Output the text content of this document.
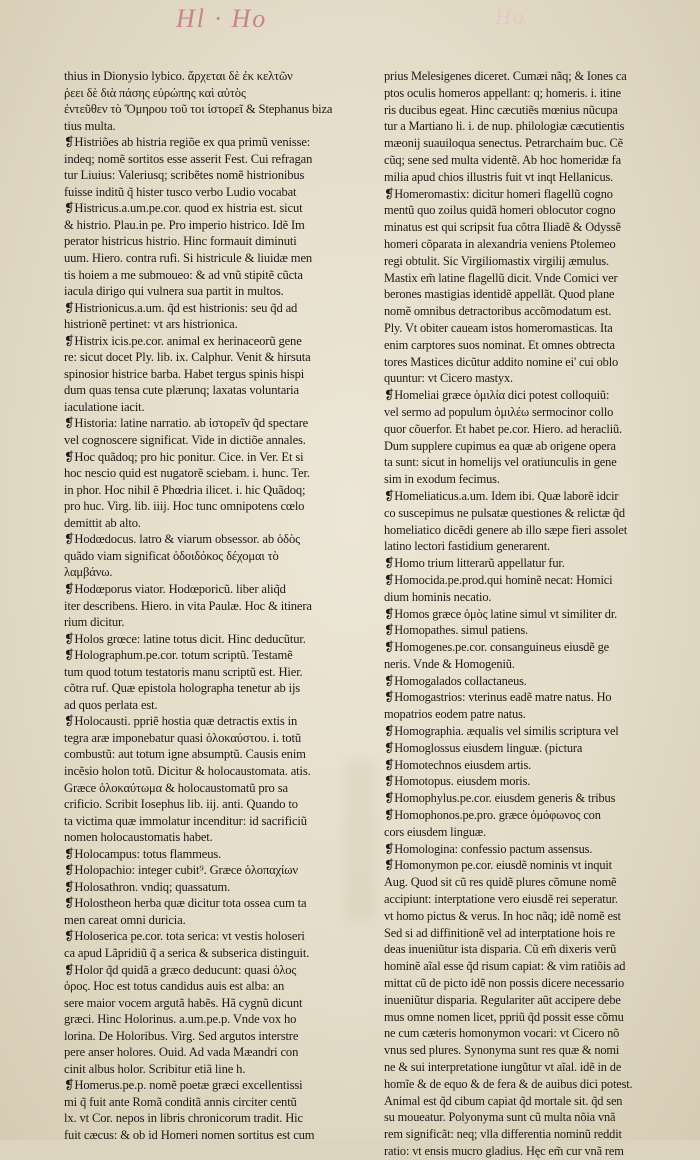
Hl · Ho	Ho
thius in Dionysio lybico. ἄρχεται δὲ ἐκ κελτῶν
ῥεει δὲ διὰ πάσης εὐρώπης καὶ αὐτὸς
ἐντεῦθεν τὸ Ὅμηρου τοῦ τοι ἱστορεῖ & Stephanus biza
tius multa.
❡Histriões ab histria regiõe ex qua primũ venisse:
indeq; nomẽ sortitos esse asserit Fest. Cui refragan
tur Liuius: Valeriusq; scribẽtes nomẽ histrionibus
fuisse inditũ q̃ hister tusco verbo Ludio vocabat
❡Histricus.a.um.pe.cor. quod ex histria est. sicut
& histrio. Plau.in pe. Pro imperio histrico. Idẽ Im
perator histricus histrio. Hinc formauit diminuti
uum. Hiero. contra rufi. Si histricule & liuidæ men
tis hoiem a me submoueo: & ad vnũ stipitẽ cũcta
iacula dirigo qui vulnera sua partit in multos.
❡Histrionicus.a.um. q̃d est histrionis: seu q̃d ad
histrionẽ pertinet: vt ars histrionica.
❡Histrix icis.pe.cor. animal ex herinaceorũ gene
re: sicut docet Ply. lib. ix. Calphur. Venit & hirsuta
spinosior histrice barba. Habet tergus spinis hispi
dum quas tensa cute plærunq; laxatas voluntaria
iaculatione iacit.
❡Historia: latine narratio. ab ἱστορεῖν q̃d spectare
vel cognoscere significat. Vide in dictiõe annales.
❡Hoc quãdoq; pro hic ponitur. Cice. in Ver. Et si
hoc nescio quid est nugatorẽ sciebam. i. hunc. Ter.
in phor. Hoc nihil ẽ Phœdria ilicet. i. hic Quãdoq;
pro huc. Virg. lib. iiij. Hoc tunc omnipotens cœlo
demittit ab alto.
❡Hodœdocus. latro & viarum obsessor. ab ὁδὸς
quãdo viam significat ὁδοιδόκος δέχομαι τὸ
λαμβάνω.
❡Hodœporus viator. Hodœporicũ. liber aliq̃d
iter describens. Hiero. in vita Paulæ. Hoc & itinera
rium dicitur.
❡Holos grœce: latine totus dicit. Hinc deducũtur.
❡Holographum.pe.cor. totum scriptũ. Testamẽ
tum quod totum testatoris manu scriptũ est. Hier.
cõtra ruf. Quæ epistola holographa tenetur ab ijs
ad quos perlata est.
❡Holocausti. ppriẽ hostia quæ detractis extis in
tegra aræ imponebatur quasi ὁλοκαύστου. i. totũ
combustũ: aut totum igne absumptũ. Causis enim
incẽsio holon totũ. Dicitur & holocaustomata. atis.
Græce ὁλοκαύτωμα & holocaustomatũ pro sa
crificio. Scribit Iosephus lib. iij. anti. Quando to
ta victima quæ immolatur incenditur: id sacrificiũ
nomen holocaustomatis habet.
❡Holocampus: totus flammeus.
❡Holopachio: integer cubit⁹. Græce ὁλοπαχίων
❡Holosathron. vndiq; quassatum.
❡Holostheon herba quæ dicitur tota ossea cum ta
men careat omni duricia.
❡Holoserica pe.cor. tota serica: vt vestis holoseri
ca apud Lãpridiũ q̃ a serica & subserica distinguit.
❡Holor q̃d quidã a græco deducunt: quasi ὁλος
ὀρος. Hoc est totus candidus auis est alba: an
sere maior vocem argutã habẽs. Hã cygnũ dicunt
græci. Hinc Holorinus. a.um.pe.p. Vnde vox ho
lorina. De Holoribus. Virg. Sed argutos interstre
pere anser holores. Ouid. Ad vada Mæandri con
cinit albus holor. Scribitur etiã line h.
❡Homerus.pe.p. nomẽ poetæ græci excellentissi
mi q̃ fuit ante Romã conditã annis circiter centũ
lx. vt Cor. nepos in libris chronicorum tradit. Hic
fuit cæcus: & ob id Homeri nomen sortitus est cum
prius Melesigenes diceret. Cumæi nãq; & Iones ca
ptos oculis homeros appellant: q; homeris. i. itine
ris ducibus egeat. Hinc cæcutiẽs mœnius nũcupa
tur a Martiano li. i. de nup. philologiæ cæcutientis
mæonij suauiloqua senectus. Petrarchaim buc. Cẽ
cũq; sene sed multa videntẽ. Ab hoc homeridæ fa
milia apud chios illustris fuit vt inqt Hellanicus.
❡Homeromastix: dicitur homeri flagellũ cogno
mentũ quo zoilus quidã homeri oblocutor cogno
minatus est qui scripsit fua cõtra Iliadẽ & Odyssẽ
homeri cõparata in alexandria veniens Ptolemeo
regi obtulit. Sic Virgiliomastix virgilij æmulus.
Mastix em̃ latine flagellũ dicit. Vnde Comici ver
berones mastigias identidẽ appellãt. Quod plane
nomẽ omnibus detractoribus accõmodatum est.
Ply. Vt obiter caueam istos homeromasticas. Ita
enim carptores suos nominat. Et omnes obtrecta
tores Mastices dicũtur addito nomine ei' cui oblo
quuntur: vt Cicero mastyx.
❡Homeliai græce ὁμιλία dici potest colloquiũ:
vel sermo ad populum ὁμιλέω sermocinor collo
quor cõuerfor. Et habet pe.cor. Hiero. ad heracliũ.
Dum supplere cupimus ea quæ ab origene opera
ta sunt: sicut in homelijs vel oratiunculis in gene
sim in exodum fecimus.
❡Homeliaticus.a.um. Idem ibi. Quæ laborẽ idcir
co suscepimus ne pulsatæ questiones & relictæ q̃d
homeliatico dicẽdi genere ab illo sæpe fieri assolet
latino lectori fastidium generarent.
❡Homo trium litterarũ appellatur fur.
❡Homocida.pe.prod.qui hominẽ necat: Homici
dium hominis necatio.
❡Homos græce ὁμὸς latine simul vt similiter dr.
❡Homopathes. simul patiens.
❡Homogenes.pe.cor. consanguineus eiusdẽ ge
neris. Vnde & Homogeniũ.
❡Homogalados collactaneus.
❡Homogastrios: vterinus eadẽ matre natus. Ho
mopatrios eodem patre natus.
❡Homographia. æqualis vel similis scriptura vel
❡Homoglossus eiusdem linguæ. (pictura
❡Homotechnos eiusdem artis.
❡Homotopus. eiusdem moris.
❡Homophylus.pe.cor. eiusdem generis & tribus
❡Homophonos.pe.pro. græce ὁμόφωνος con
cors eiusdem linguæ.
❡Homologina: confessio pactum assensus.
❡Homonymon pe.cor. eiusdẽ nominis vt inquit
Aug. Quod sit cũ res quidẽ plures cõmune nomẽ
accipiunt: interptatione vero eiusdẽ rei seperatur.
vt homo pictus & verus. In hoc nãq; idẽ nomẽ est
Sed si ad diffinitionẽ vel ad interptatione hois re
deas inueniũtur ista disparia. Cũ em̃ dixeris verũ
hominẽ aĩal esse q̃d risum capiat: & vim ratiõis ad
mittat cũ de picto idẽ non possis dicere necessario
inueniũtur disparia. Regulariter aũt accipere debe
mus omne nomen licet, ppriũ q̃d possit esse cõmu
ne cum cæteris homonymon vocari: vt Cicero nõ
vnus sed plures. Synonyma sunt res quæ & nomi
ne & sui interpretatione iungũtur vt aĩal. idẽ in de
homĩe & de equo & de fera & de auibus dici potest.
Animal est q̃d cibum capiat q̃d mortale sit. q̃d sen
su moueatur. Polyonyma sunt cũ multa nõia vnã
rem significãt: neq; vlla differentia nominũ reddit
ratio: vt ensis mucro gladius. Hęc em̃ cur vnã rem
